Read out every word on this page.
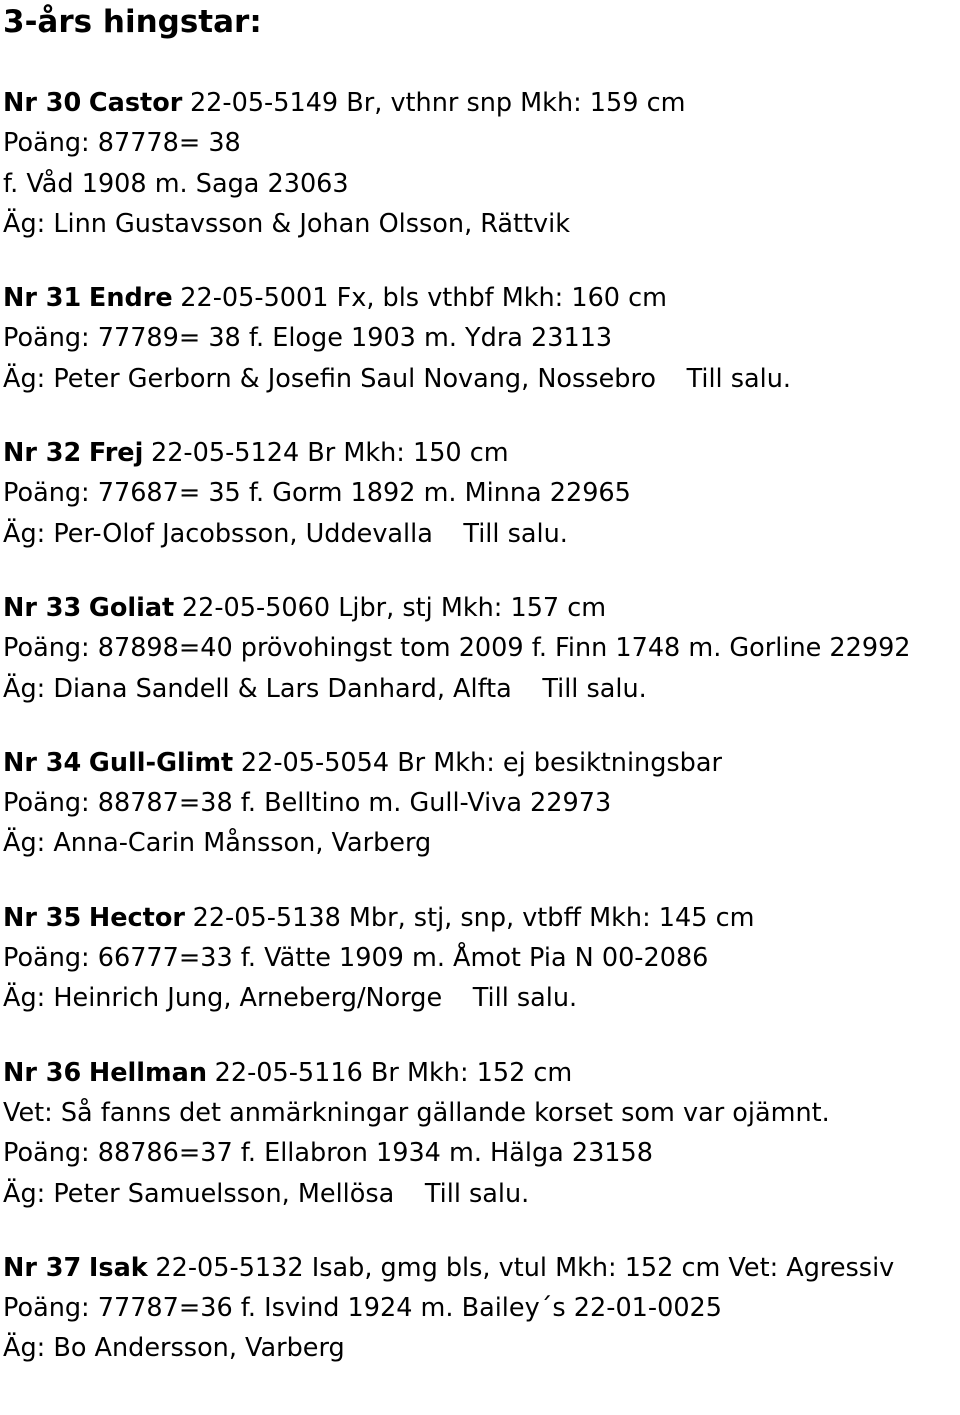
3-års hingstar:
Nr 30 Castor 22-05-5149 Br, vthnr snp Mkh: 159 cm
Poäng: 87778= 38
f. Våd 1908 m. Saga 23063
Äg: Linn Gustavsson & Johan Olsson, Rättvik
Nr 31 Endre 22-05-5001 Fx, bls vthbf Mkh: 160 cm
Poäng: 77789= 38 f. Eloge 1903 m. Ydra 23113
Äg: Peter Gerborn & Josefin Saul Novang, Nossebro Till salu.
Nr 32 Frej 22-05-5124 Br Mkh: 150 cm
Poäng: 77687= 35 f. Gorm 1892 m. Minna 22965
Äg: Per-Olof Jacobsson, Uddevalla Till salu.
Nr 33 Goliat 22-05-5060 Ljbr, stj Mkh: 157 cm
Poäng: 87898=40 prövohingst tom 2009 f. Finn 1748 m. Gorline 22992
Äg: Diana Sandell & Lars Danhard, Alfta Till salu.
Nr 34 Gull-Glimt 22-05-5054 Br Mkh: ej besiktningsbar
Poäng: 88787=38 f. Belltino m. Gull-Viva 22973
Äg: Anna-Carin Månsson, Varberg
Nr 35 Hector 22-05-5138 Mbr, stj, snp, vtbff Mkh: 145 cm
Poäng: 66777=33 f. Vätte 1909 m. Åmot Pia N 00-2086
Äg: Heinrich Jung, Arneberg/Norge Till salu.
Nr 36 Hellman 22-05-5116 Br Mkh: 152 cm
Vet: Så fanns det anmärkningar gällande korset som var ojämnt.
Poäng: 88786=37 f. Ellabron 1934 m. Hälga 23158
Äg: Peter Samuelsson, Mellösa Till salu.
Nr 37 Isak 22-05-5132 Isab, gmg bls, vtul Mkh: 152 cm Vet: Agressiv
Poäng: 77787=36 f. Isvind 1924 m. Bailey´s 22-01-0025
Äg: Bo Andersson, Varberg
